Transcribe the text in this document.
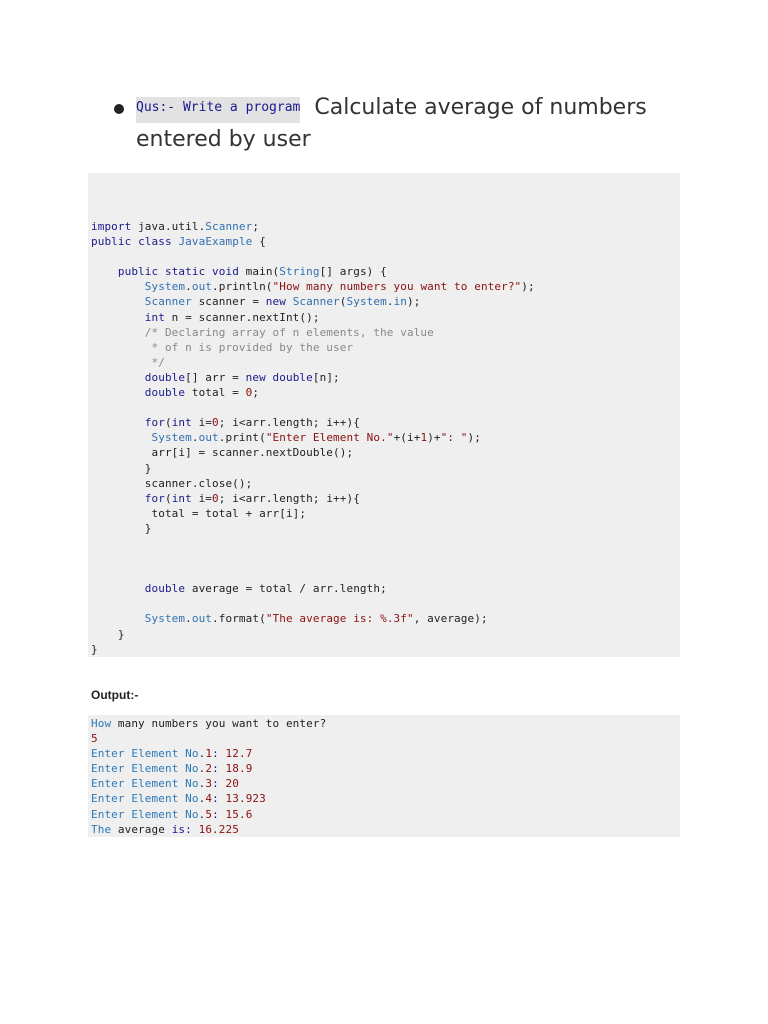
Qus:- Write a program Calculate average of numbers entered by user
import java.util.Scanner;
public class JavaExample {

public static void main(String[] args) {
System.out.println("How many numbers you want to enter?");
Scanner scanner = new Scanner(System.in);
int n = scanner.nextInt();
/* Declaring array of n elements, the value
* of n is provided by the user
*/
double[] arr = new double[n];
double total = 0;

for(int i=0; i<arr.length; i++){
System.out.print("Enter Element No."+(i+1)+": ");
arr[i] = scanner.nextDouble();
}
scanner.close();
for(int i=0; i<arr.length; i++){
total = total + arr[i];
}

double average = total / arr.length;

System.out.format("The average is: %.3f", average);
}
}
Output:-
How many numbers you want to enter?
5
Enter Element No.1: 12.7
Enter Element No.2: 18.9
Enter Element No.3: 20
Enter Element No.4: 13.923
Enter Element No.5: 15.6
The average is: 16.225
